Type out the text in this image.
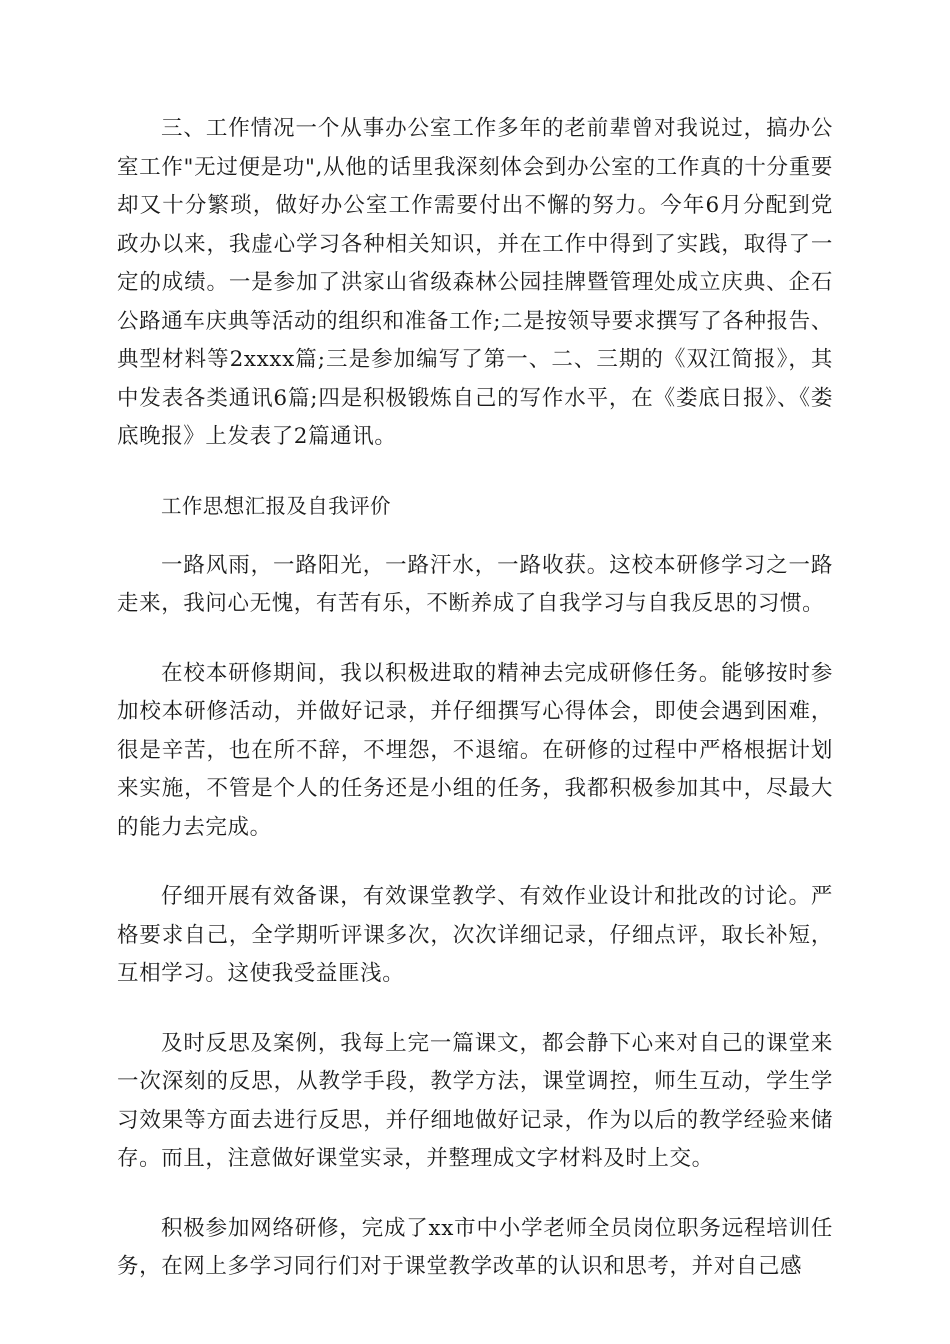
三、工作情况一个从事办公室工作多年的老前辈曾对我说过，搞办公室工作"无过便是功",从他的话里我深刻体会到办公室的工作真的十分重要却又十分繁琐，做好办公室工作需要付出不懈的努力。今年6月分配到党政办以来，我虚心学习各种相关知识，并在工作中得到了实践，取得了一定的成绩。一是参加了洪家山省级森林公园挂牌暨管理处成立庆典、企石公路通车庆典等活动的组织和准备工作;二是按领导要求撰写了各种报告、典型材料等2xxxx篇;三是参加编写了第一、二、三期的《双江简报》，其中发表各类通讯6篇;四是积极锻炼自己的写作水平，在《娄底日报》、《娄底晚报》上发表了2篇通讯。

工作思想汇报及自我评价

一路风雨，一路阳光，一路汗水，一路收获。这校本研修学习之一路走来，我问心无愧，有苦有乐，不断养成了自我学习与自我反思的习惯。

在校本研修期间，我以积极进取的精神去完成研修任务。能够按时参加校本研修活动，并做好记录，并仔细撰写心得体会，即使会遇到困难，很是辛苦，也在所不辞，不埋怨，不退缩。在研修的过程中严格根据计划来实施，不管是个人的任务还是小组的任务，我都积极参加其中，尽最大的能力去完成。

仔细开展有效备课，有效课堂教学、有效作业设计和批改的讨论。严格要求自己，全学期听评课多次，次次详细记录，仔细点评，取长补短，互相学习。这使我受益匪浅。

及时反思及案例，我每上完一篇课文，都会静下心来对自己的课堂来一次深刻的反思，从教学手段，教学方法，课堂调控，师生互动，学生学习效果等方面去进行反思，并仔细地做好记录，作为以后的教学经验来储存。而且，注意做好课堂实录，并整理成文字材料及时上交。

积极参加网络研修，完成了xx市中小学老师全员岗位职务远程培训任务，在网上多学习同行们对于课堂教学改革的认识和思考，并对自己感
